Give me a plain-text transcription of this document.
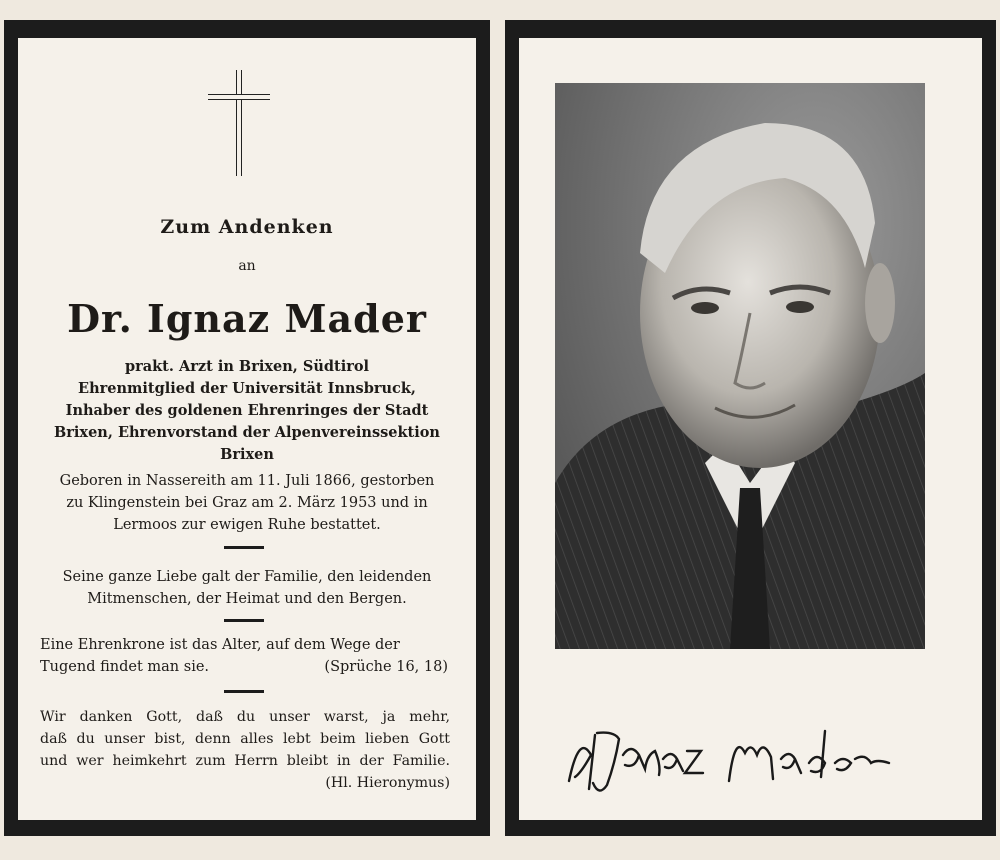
Zum Andenken
an
Dr. Ignaz Mader
prakt. Arzt in Brixen, Südtirol
Ehrenmitglied der Universität Innsbruck,
Inhaber des goldenen Ehrenringes der Stadt
Brixen, Ehrenvorstand der Alpenvereinssektion
Brixen
Geboren in Nassereith am 11. Juli 1866, gestorben
zu Klingenstein bei Graz am 2. März 1953 und in
Lermoos zur ewigen Ruhe bestattet.
Seine ganze Liebe galt der Familie, den leidenden
Mitmenschen, der Heimat und den Bergen.
Eine Ehrenkrone ist das Alter, auf dem Wege der
Tugend findet man sie.	(Sprüche 16, 18)
Wir danken Gott, daß du unser warst, ja mehr,
daß du unser bist, denn alles lebt beim lieben Gott
und wer heimkehrt zum Herrn bleibt in der Familie.
(Hl. Hieronymus)
